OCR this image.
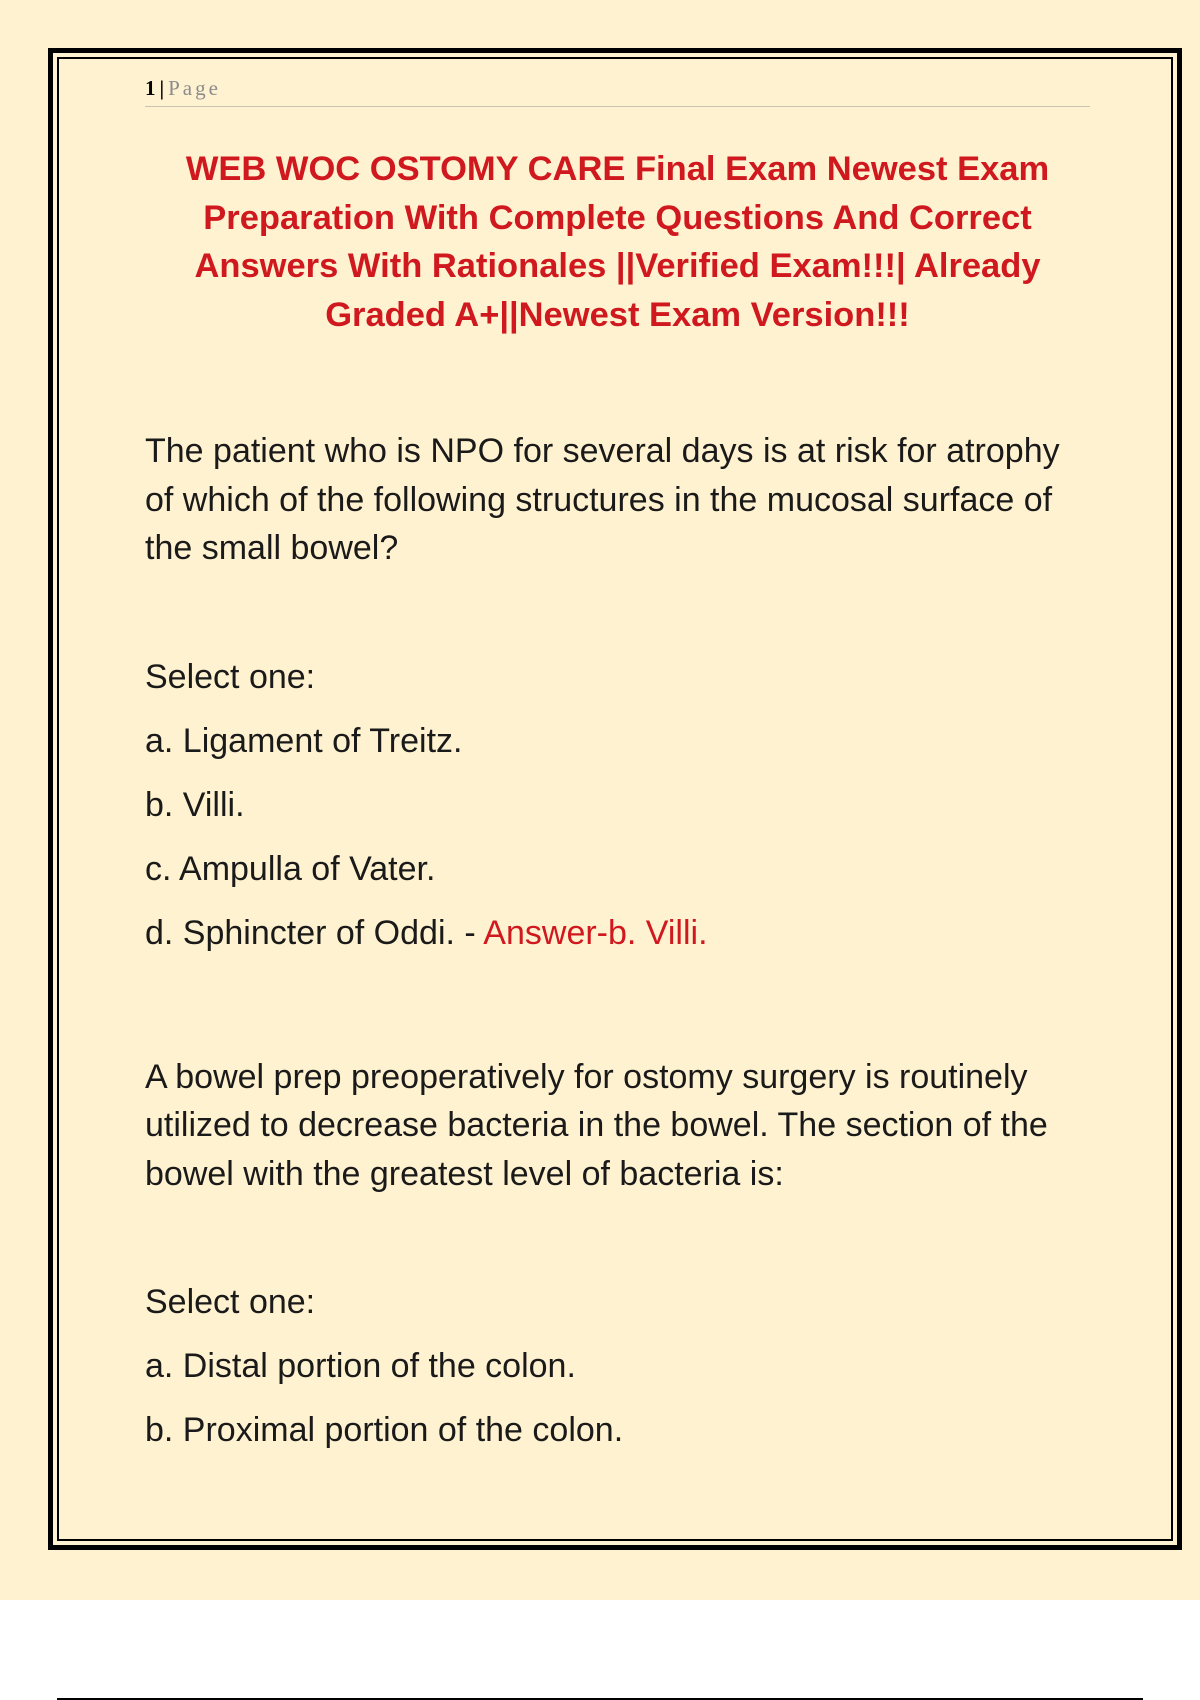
1 | Page
WEB WOC OSTOMY CARE Final Exam Newest Exam Preparation With Complete Questions And Correct Answers With Rationales ||Verified Exam!!!| Already Graded A+||Newest Exam Version!!!
The patient who is NPO for several days is at risk for atrophy of which of the following structures in the mucosal surface of the small bowel?
Select one:
a. Ligament of Treitz.
b. Villi.
c. Ampulla of Vater.
d. Sphincter of Oddi. - Answer-b. Villi.
A bowel prep preoperatively for ostomy surgery is routinely utilized to decrease bacteria in the bowel. The section of the bowel with the greatest level of bacteria is:
Select one:
a. Distal portion of the colon.
b. Proximal portion of the colon.
